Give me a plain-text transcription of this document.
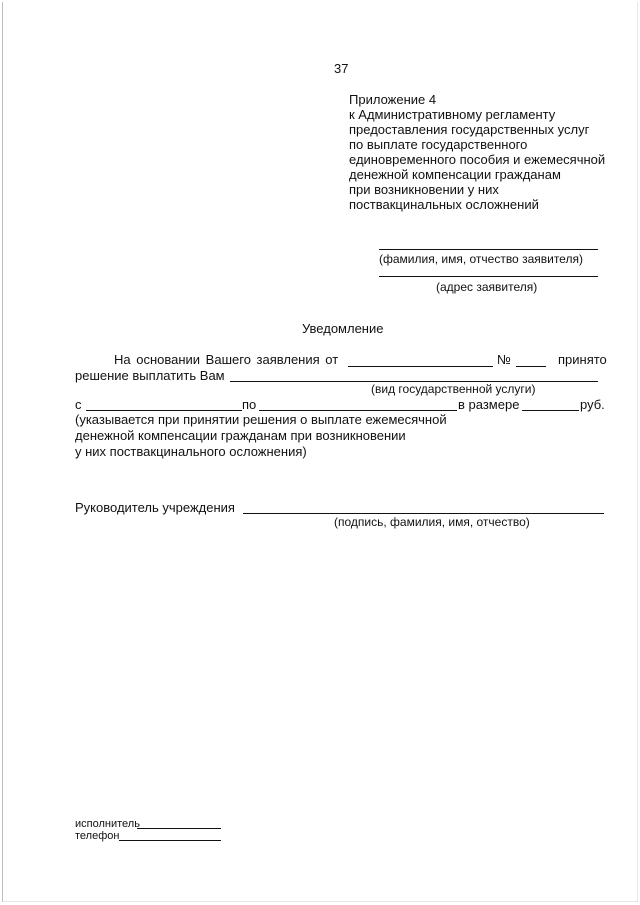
37
Приложение 4
к Административному регламенту
предоставления государственных услуг
по выплате государственного
единовременного пособия и ежемесячной
денежной компенсации гражданам
при возникновении у них
поствакцинальных осложнений
(фамилия, имя, отчество заявителя)
(адрес заявителя)
Уведомление
На основании Вашего заявления от	№	принято
решение выплатить Вам
(вид государственной услуги)
с	по	в размере	руб.
(указывается при принятии решения о выплате ежемесячной
денежной компенсации гражданам при возникновении
у них поствакцинального осложнения)
Руководитель учреждения
(подпись, фамилия, имя, отчество)
исполнитель
телефон
